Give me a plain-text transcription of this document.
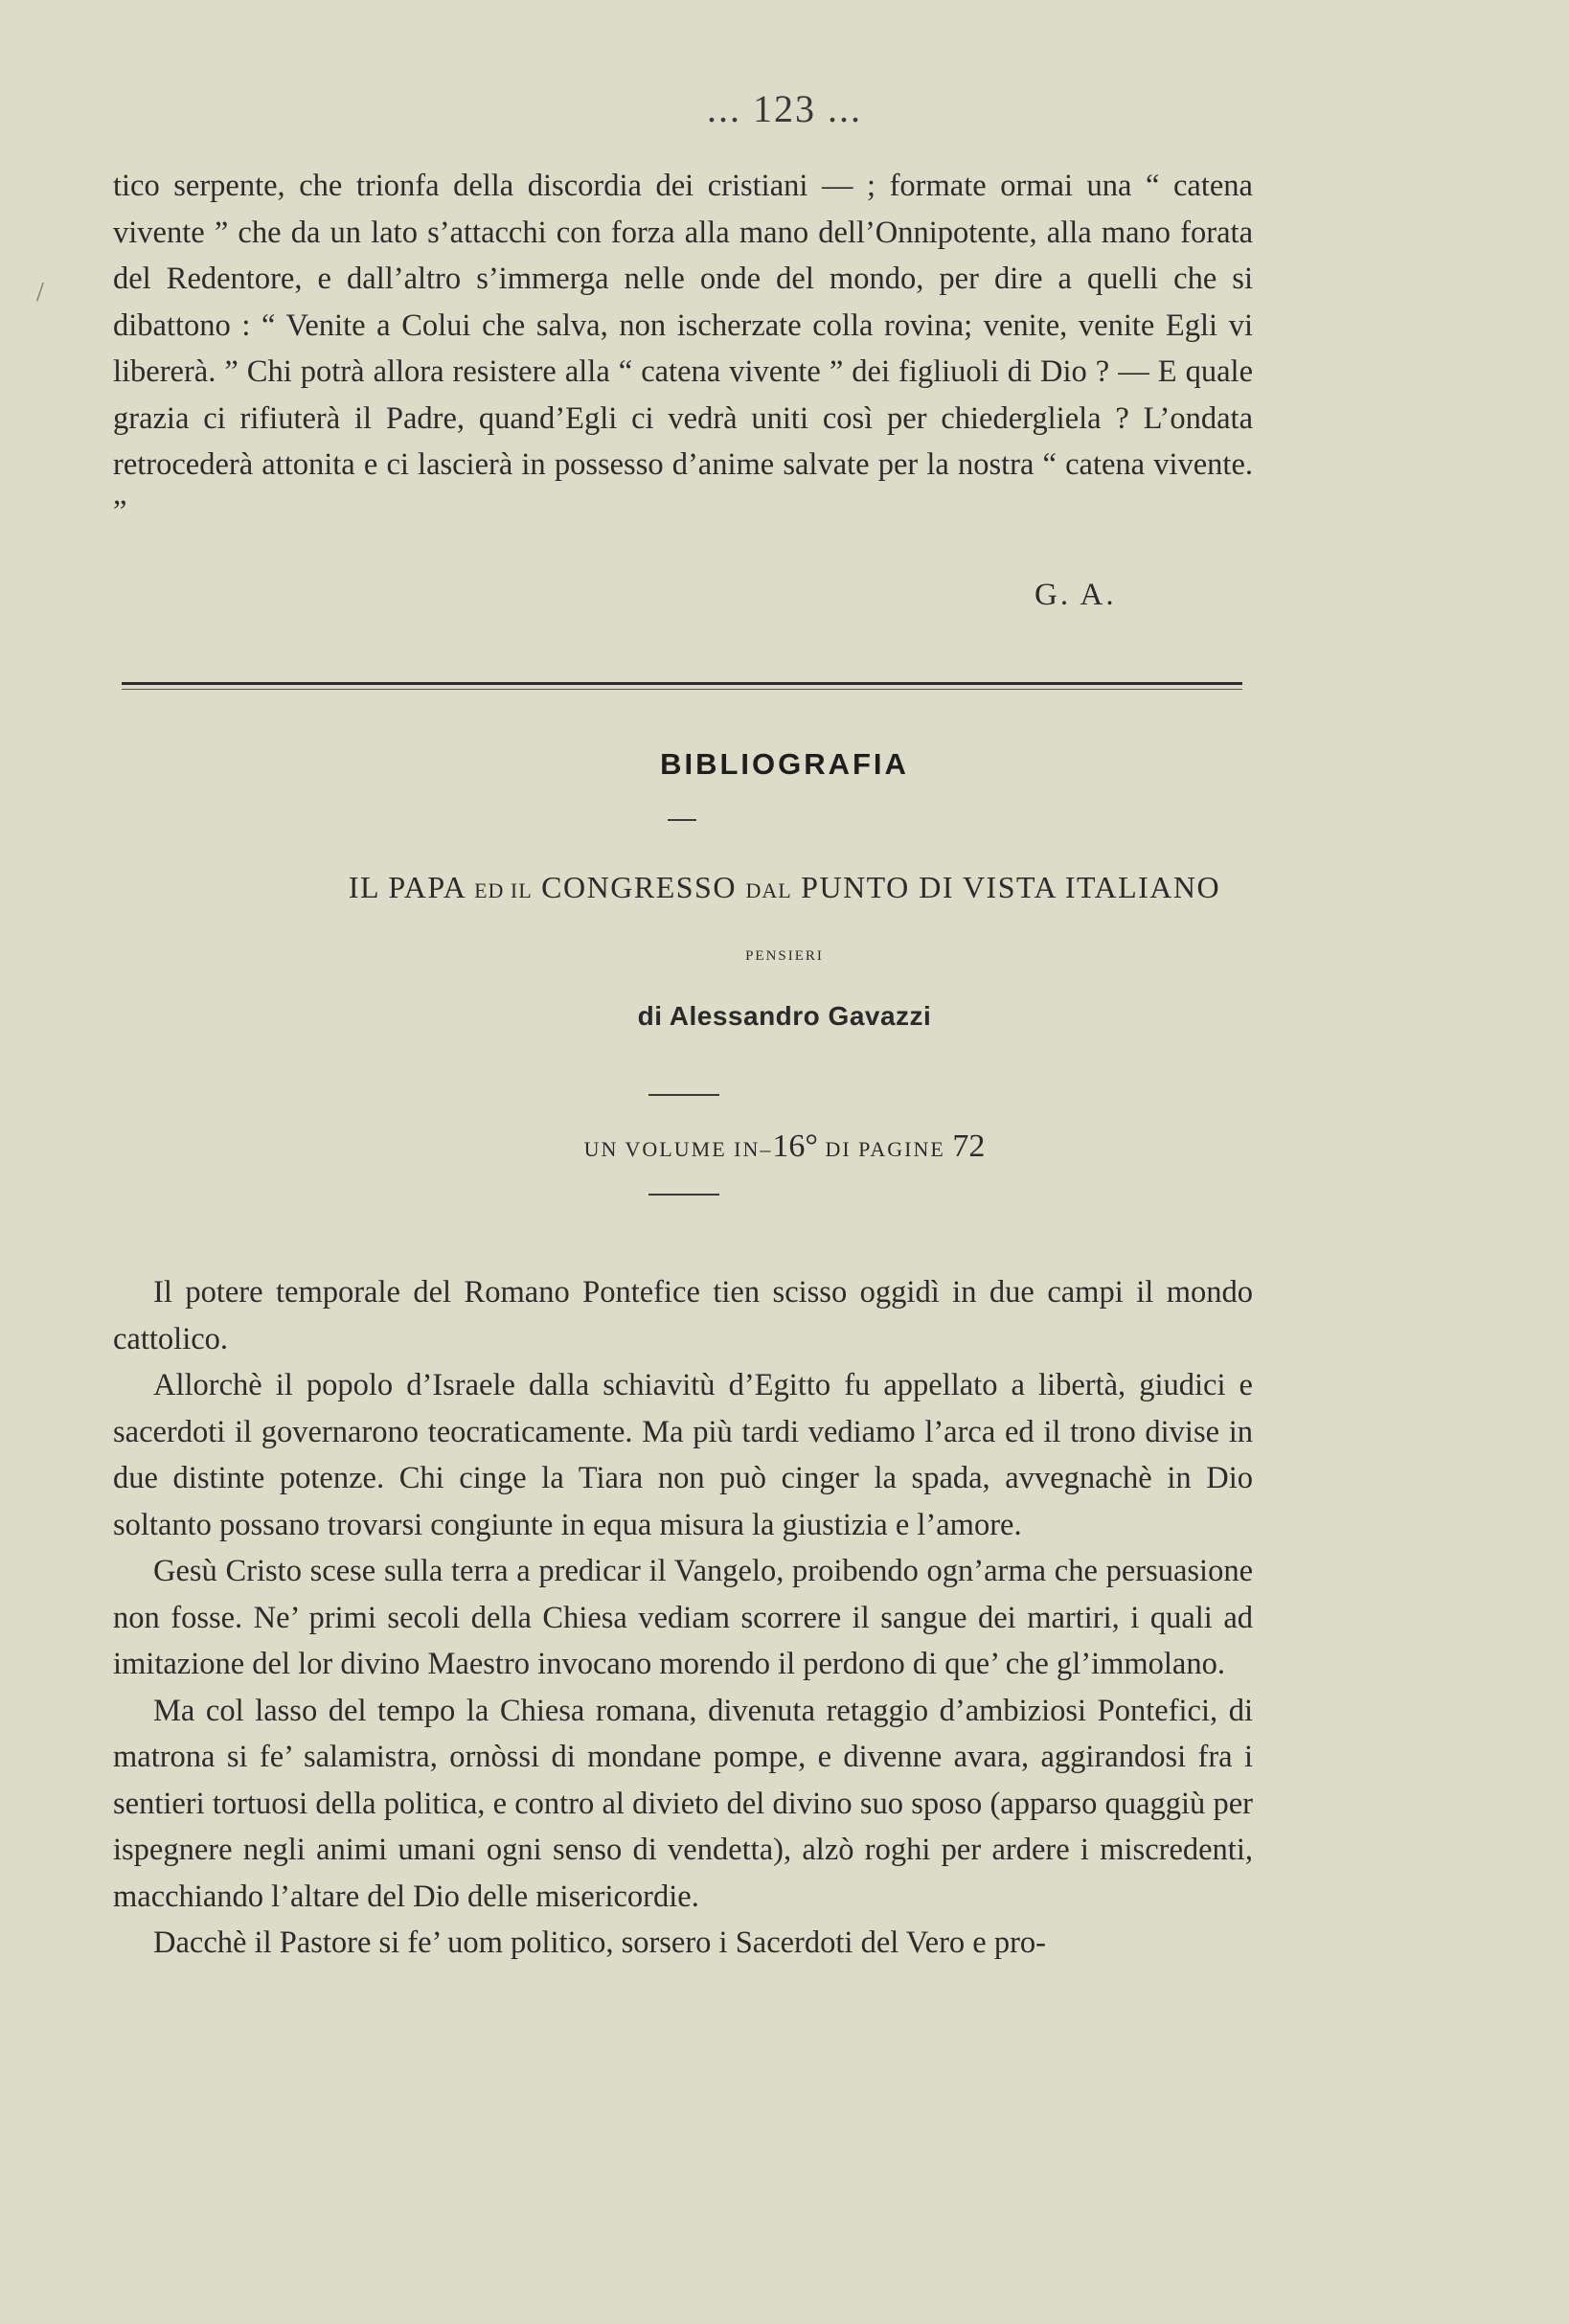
... 123 ...

tico serpente, che trionfa della discordia dei cristiani — ; formate ormai una “ catena vivente ” che da un lato s’attacchi con forza alla mano dell’Onnipotente, alla mano forata del Redentore, e dall’altro s’immerga nelle onde del mondo, per dire a quelli che si dibattono : “ Venite a Colui che salva, non ischerzate colla rovina; venite, venite Egli vi libererà. ” Chi potrà allora resistere alla “ catena vivente ” dei figliuoli di Dio ? — E quale grazia ci rifiuterà il Padre, quand’Egli ci vedrà uniti così per chiedergliela ? L’ondata retrocederà attonita e ci lascierà in possesso d’anime salvate per la nostra “ catena vivente. ”

G. A.
BIBLIOGRAFIA
IL PAPA ED IL CONGRESSO DAL PUNTO DI VISTA ITALIANO
PENSIERI
di Alessandro Gavazzi
UN VOLUME IN–16° DI PAGINE 72

Il potere temporale del Romano Pontefice tien scisso oggidì in due campi il mondo cattolico.

Allorchè il popolo d’Israele dalla schiavitù d’Egitto fu appellato a libertà, giudici e sacerdoti il governarono teocraticamente. Ma più tardi vediamo l’arca ed il trono divise in due distinte potenze. Chi cinge la Tiara non può cinger la spada, avvegnachè in Dio soltanto possano trovarsi congiunte in equa misura la giustizia e l’amore.

Gesù Cristo scese sulla terra a predicar il Vangelo, proibendo ogn’arma che persuasione non fosse. Ne’ primi secoli della Chiesa vediam scorrere il sangue dei martiri, i quali ad imitazione del lor divino Maestro invocano morendo il perdono di que’ che gl’immolano.

Ma col lasso del tempo la Chiesa romana, divenuta retaggio d’ambiziosi Pontefici, di matrona si fe’ salamistra, ornòssi di mondane pompe, e divenne avara, aggirandosi fra i sentieri tortuosi della politica, e contro al divieto del divino suo sposo (apparso quaggiù per ispegnere negli animi umani ogni senso di vendetta), alzò roghi per ardere i miscredenti, macchiando l’altare del Dio delle misericordie.

Dacchè il Pastore si fe’ uom politico, sorsero i Sacerdoti del Vero e pro-

/
